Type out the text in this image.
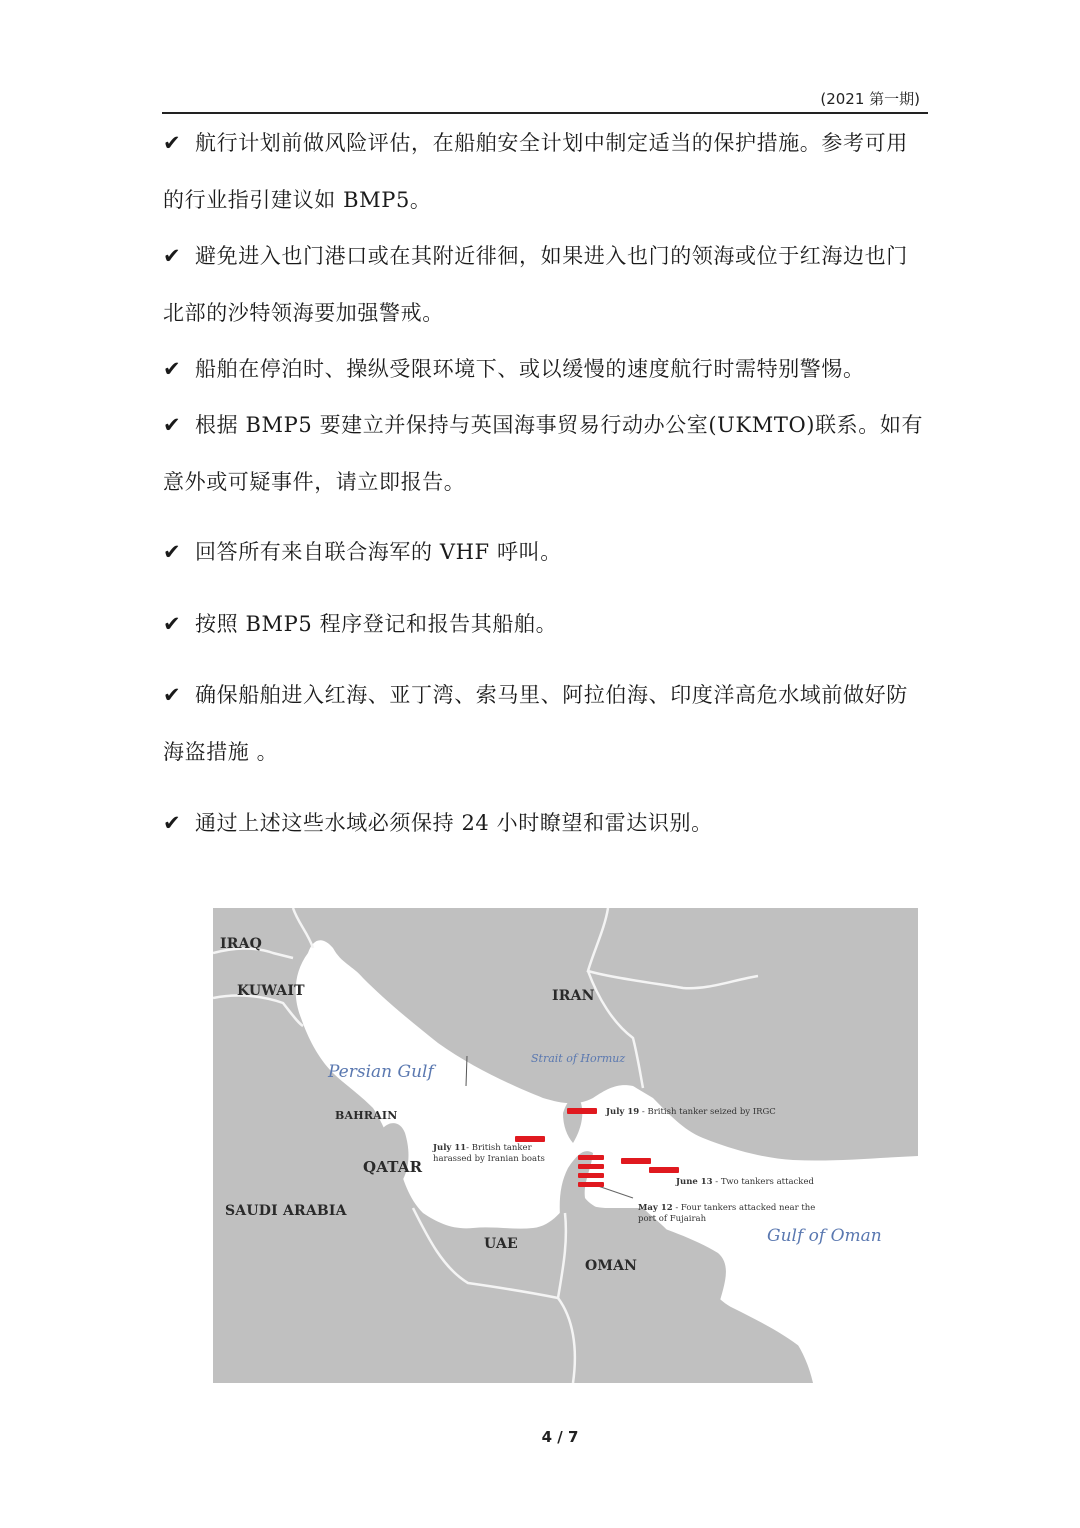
(2021 第一期)
✔ 航行计划前做风险评估，在船舶安全计划中制定适当的保护措施。参考可用
的行业指引建议如 BMP5。
✔ 避免进入也门港口或在其附近徘徊，如果进入也门的领海或位于红海边也门
北部的沙特领海要加强警戒。
✔ 船舶在停泊时、操纵受限环境下、或以缓慢的速度航行时需特别警惕。
✔ 根据 BMP5 要建立并保持与英国海事贸易行动办公室(UKMTO)联系。如有
意外或可疑事件，请立即报告。
✔ 回答所有来自联合海军的 VHF 呼叫。
✔ 按照 BMP5 程序登记和报告其船舶。
✔ 确保船舶进入红海、亚丁湾、索马里、阿拉伯海、印度洋高危水域前做好防
海盗措施 。
✔ 通过上述这些水域必须保持 24 小时瞭望和雷达识别。
IRAQ
KUWAIT	IRAN
BAHRAIN
QATAR
SAUDI ARABIA
UAE
OMAN
Persian Gulf
Strait of Hormuz
Gulf of Oman
July 19 - British tanker seized by IRGC
July 11- British tanker
harassed by Iranian boats
June 13 - Two tankers attacked
May 12 - Four tankers attacked near the
port of Fujairah
4 / 7
